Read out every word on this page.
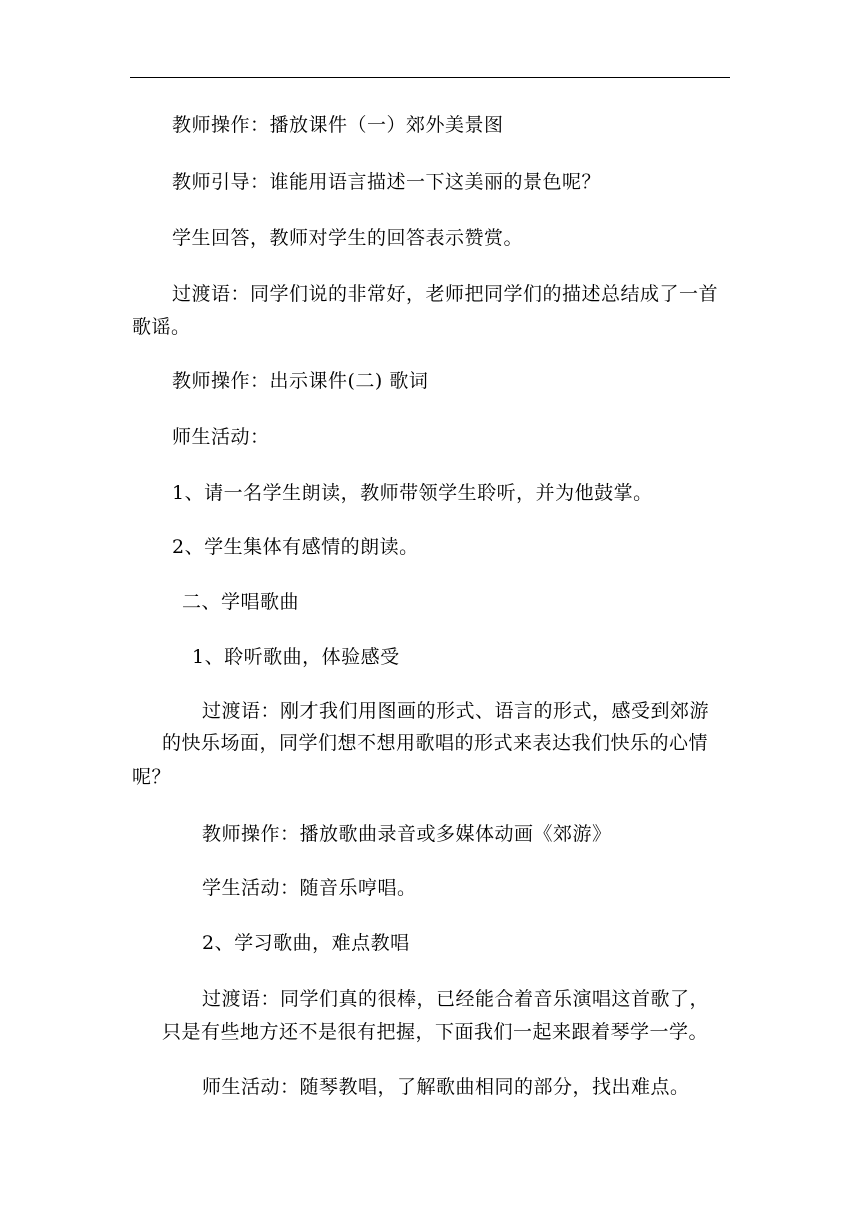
教师操作：播放课件（一）郊外美景图
教师引导：谁能用语言描述一下这美丽的景色呢？
学生回答，教师对学生的回答表示赞赏。
过渡语：同学们说的非常好，老师把同学们的描述总结成了一首
歌谣。
教师操作：出示课件(二) 歌词
师生活动：
1、请一名学生朗读，教师带领学生聆听，并为他鼓掌。
2、学生集体有感情的朗读。
二、学唱歌曲
1、聆听歌曲，体验感受
过渡语：刚才我们用图画的形式、语言的形式，感受到郊游
的快乐场面，同学们想不想用歌唱的形式来表达我们快乐的心情
呢？
教师操作：播放歌曲录音或多媒体动画《郊游》
学生活动：随音乐哼唱。
2、学习歌曲，难点教唱
过渡语：同学们真的很棒，已经能合着音乐演唱这首歌了，
只是有些地方还不是很有把握，下面我们一起来跟着琴学一学。
师生活动：随琴教唱，了解歌曲相同的部分，找出难点。
